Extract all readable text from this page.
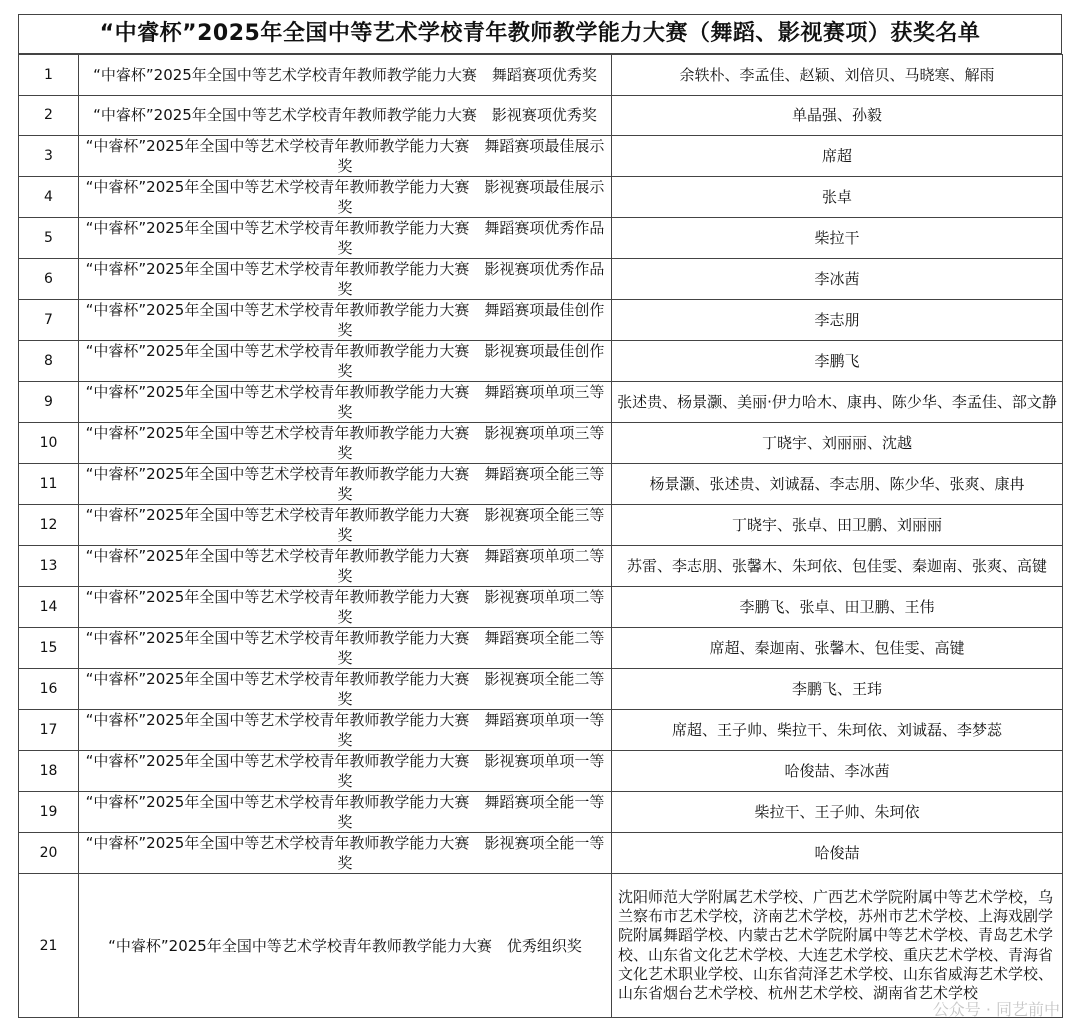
“中睿杯”2025年全国中等艺术学校青年教师教学能力大赛（舞蹈、影视赛项）获奖名单
1	“中睿杯”2025年全国中等艺术学校青年教师教学能力大赛　舞蹈赛项优秀奖	余轶朴、李孟佳、赵颖、刘倍贝、马晓寒、解雨
2	“中睿杯”2025年全国中等艺术学校青年教师教学能力大赛　影视赛项优秀奖	单晶强、孙毅
3	“中睿杯”2025年全国中等艺术学校青年教师教学能力大赛　舞蹈赛项最佳展示奖	席超
4	“中睿杯”2025年全国中等艺术学校青年教师教学能力大赛　影视赛项最佳展示奖	张卓
5	“中睿杯”2025年全国中等艺术学校青年教师教学能力大赛　舞蹈赛项优秀作品奖	柴拉干
6	“中睿杯”2025年全国中等艺术学校青年教师教学能力大赛　影视赛项优秀作品奖	李冰茜
7	“中睿杯”2025年全国中等艺术学校青年教师教学能力大赛　舞蹈赛项最佳创作奖	李志朋
8	“中睿杯”2025年全国中等艺术学校青年教师教学能力大赛　影视赛项最佳创作奖	李鹏飞
9	“中睿杯”2025年全国中等艺术学校青年教师教学能力大赛　舞蹈赛项单项三等奖	张述贵、杨景灏、美丽·伊力哈木、康冉、陈少华、李孟佳、部文静
10	“中睿杯”2025年全国中等艺术学校青年教师教学能力大赛　影视赛项单项三等奖	丁晓宇、刘丽丽、沈越
11	“中睿杯”2025年全国中等艺术学校青年教师教学能力大赛　舞蹈赛项全能三等奖	杨景灏、张述贵、刘诚磊、李志朋、陈少华、张爽、康冉
12	“中睿杯”2025年全国中等艺术学校青年教师教学能力大赛　影视赛项全能三等奖	丁晓宇、张卓、田卫鹏、刘丽丽
13	“中睿杯”2025年全国中等艺术学校青年教师教学能力大赛　舞蹈赛项单项二等奖	苏雷、李志朋、张馨木、朱珂依、包佳雯、秦迦南、张爽、高键
14	“中睿杯”2025年全国中等艺术学校青年教师教学能力大赛　影视赛项单项二等奖	李鹏飞、张卓、田卫鹏、王伟
15	“中睿杯”2025年全国中等艺术学校青年教师教学能力大赛　舞蹈赛项全能二等奖	席超、秦迦南、张馨木、包佳雯、高键
16	“中睿杯”2025年全国中等艺术学校青年教师教学能力大赛　影视赛项全能二等奖	李鹏飞、王玮
17	“中睿杯”2025年全国中等艺术学校青年教师教学能力大赛　舞蹈赛项单项一等奖	席超、王子帅、柴拉干、朱珂依、刘诚磊、李梦蕊
18	“中睿杯”2025年全国中等艺术学校青年教师教学能力大赛　影视赛项单项一等奖	哈俊喆、李冰茜
19	“中睿杯”2025年全国中等艺术学校青年教师教学能力大赛　舞蹈赛项全能一等奖	柴拉干、王子帅、朱珂依
20	“中睿杯”2025年全国中等艺术学校青年教师教学能力大赛　影视赛项全能一等奖	哈俊喆
21	“中睿杯”2025年全国中等艺术学校青年教师教学能力大赛　优秀组织奖	沈阳师范大学附属艺术学校、广西艺术学院附属中等艺术学校，乌兰察布市艺术学校，济南艺术学校，苏州市艺术学校、上海戏剧学院附属舞蹈学校、内蒙古艺术学院附属中等艺术学校、青岛艺术学校、山东省文化艺术学校、大连艺术学校、重庆艺术学校、青海省文化艺术职业学校、山东省菏泽艺术学校、山东省威海艺术学校、山东省烟台艺术学校、杭州艺术学校、湖南省艺术学校
公众号 · 同艺前中
